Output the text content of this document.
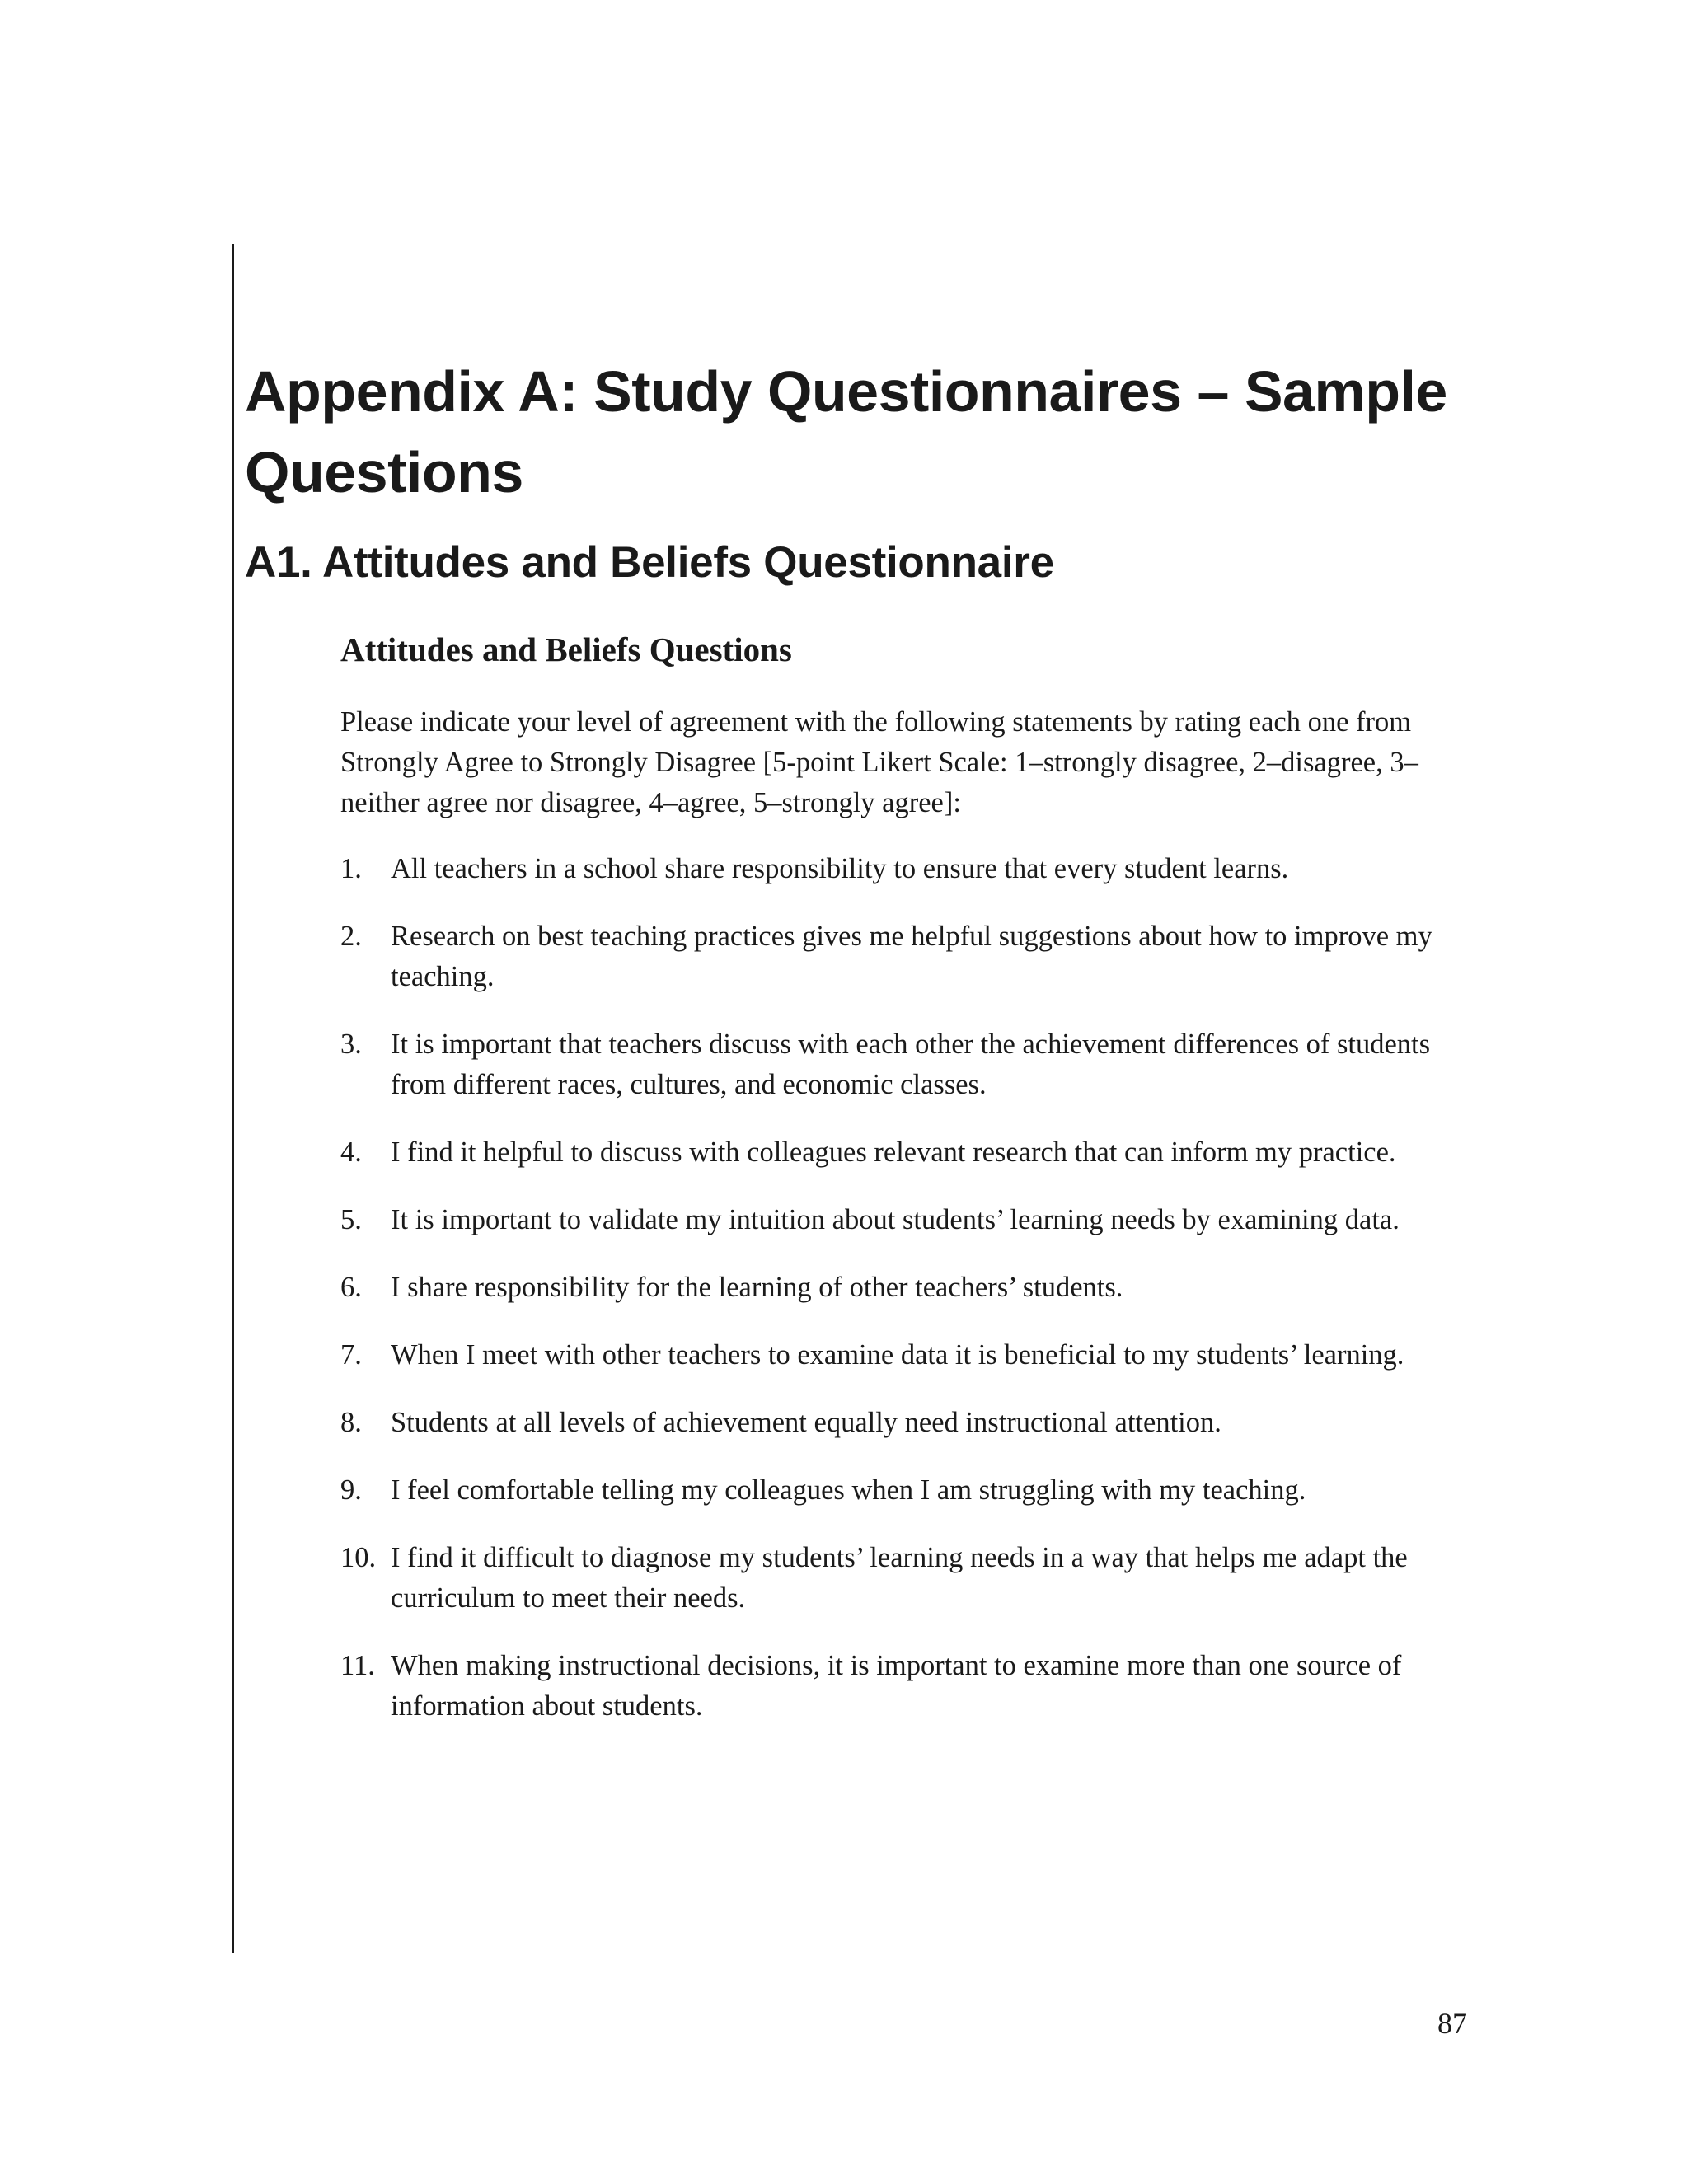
Appendix A: Study Questionnaires – Sample Questions
A1. Attitudes and Beliefs Questionnaire
Attitudes and Beliefs Questions

Please indicate your level of agreement with the following statements by rating each one from Strongly Agree to Strongly Disagree [5-point Likert Scale: 1–strongly disagree, 2–disagree, 3–neither agree nor disagree, 4–agree, 5–strongly agree]:

1. All teachers in a school share responsibility to ensure that every student learns.
2. Research on best teaching practices gives me helpful suggestions about how to improve my teaching.
3. It is important that teachers discuss with each other the achievement differences of students from different races, cultures, and economic classes.
4. I find it helpful to discuss with colleagues relevant research that can inform my practice.
5. It is important to validate my intuition about students’ learning needs by examining data.
6. I share responsibility for the learning of other teachers’ students.
7. When I meet with other teachers to examine data it is beneficial to my students’ learning.
8. Students at all levels of achievement equally need instructional attention.
9. I feel comfortable telling my colleagues when I am struggling with my teaching.
10. I find it difficult to diagnose my students’ learning needs in a way that helps me adapt the curriculum to meet their needs.
11. When making instructional decisions, it is important to examine more than one source of information about students.

87
